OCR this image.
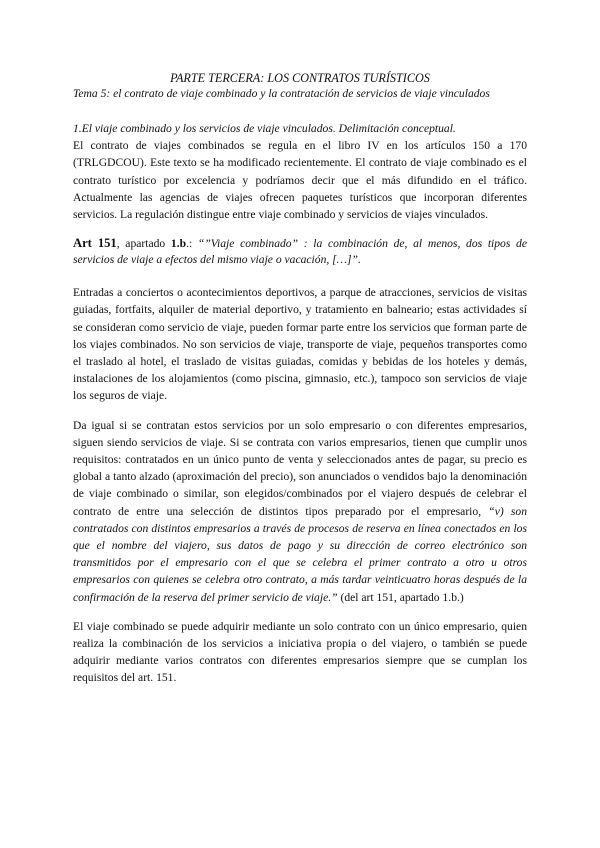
PARTE TERCERA: LOS CONTRATOS TURÍSTICOS

Tema 5: el contrato de viaje combinado y la contratación de servicios de viaje vinculados

1.El viaje combinado y los servicios de viaje vinculados. Delimitación conceptual.

El contrato de viajes combinados se regula en el libro IV en los artículos 150 a 170 (TRLGDCOU). Este texto se ha modificado recientemente. El contrato de viaje combinado es el contrato turístico por excelencia y podríamos decir que el más difundido en el tráfico. Actualmente las agencias de viajes ofrecen paquetes turísticos que incorporan diferentes servicios. La regulación distingue entre viaje combinado y servicios de viajes vinculados.

Art 151, apartado 1.b.: “”Viaje combinado” : la combinación de, al menos, dos tipos de servicios de viaje a efectos del mismo viaje o vacación, […]”.

Entradas a conciertos o acontecimientos deportivos, a parque de atracciones, servicios de visitas guiadas, fortfaits, alquiler de material deportivo, y tratamiento en balneario; estas actividades sí se consideran como servicio de viaje, pueden formar parte entre los servicios que forman parte de los viajes combinados. No son servicios de viaje, transporte de viaje, pequeños transportes como el traslado al hotel, el traslado de visitas guiadas, comidas y bebidas de los hoteles y demás, instalaciones de los alojamientos (como piscina, gimnasio, etc.), tampoco son servicios de viaje los seguros de viaje.

Da igual si se contratan estos servicios por un solo empresario o con diferentes empresarios, siguen siendo servicios de viaje. Si se contrata con varios empresarios, tienen que cumplir unos requisitos: contratados en un único punto de venta y seleccionados antes de pagar, su precio es global a tanto alzado (aproximación del precio), son anunciados o vendidos bajo la denominación de viaje combinado o similar, son elegidos/combinados por el viajero después de celebrar el contrato de entre una selección de distintos tipos preparado por el empresario, “v) son contratados con distintos empresarios a través de procesos de reserva en línea conectados en los que el nombre del viajero, sus datos de pago y su dirección de correo electrónico son transmitidos por el empresario con el que se celebra el primer contrato a otro u otros empresarios con quienes se celebra otro contrato, a más tardar veinticuatro horas después de la confirmación de la reserva del primer servicio de viaje.” (del art 151, apartado 1.b.)

El viaje combinado se puede adquirir mediante un solo contrato con un único empresario, quien realiza la combinación de los servicios a iniciativa propia o del viajero, o también se puede adquirir mediante varios contratos con diferentes empresarios siempre que se cumplan los requisitos del art. 151.
